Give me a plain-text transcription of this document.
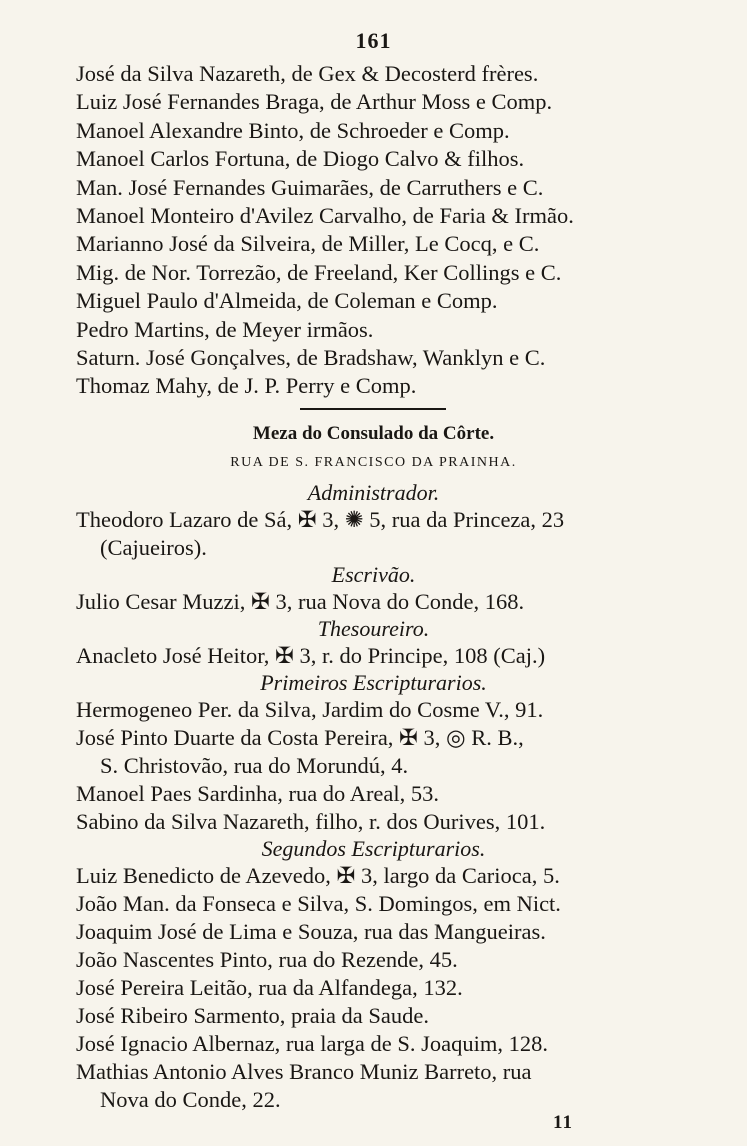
161
José da Silva Nazareth, de Gex & Decosterd frères.
Luiz José Fernandes Braga, de Arthur Moss e Comp.
Manoel Alexandre Binto, de Schroeder e Comp.
Manoel Carlos Fortuna, de Diogo Calvo & filhos.
Man. José Fernandes Guimarães, de Carruthers e C.
Manoel Monteiro d'Avilez Carvalho, de Faria & Irmão.
Marianno José da Silveira, de Miller, Le Cocq, e C.
Mig. de Nor. Torrezão, de Freeland, Ker Collings e C.
Miguel Paulo d'Almeida, de Coleman e Comp.
Pedro Martins, de Meyer irmãos.
Saturn. José Gonçalves, de Bradshaw, Wanklyn e C.
Thomaz Mahy, de J. P. Perry e Comp.
Meza do Consulado da Côrte.
RUA DE S. FRANCISCO DA PRAINHA.
Administrador.
Theodoro Lazaro de Sá, ✠ 3, ✺ 5, rua da Princeza, 23
(Cajueiros).
Escrivão.
Julio Cesar Muzzi, ✠ 3, rua Nova do Conde, 168.
Thesoureiro.
Anacleto José Heitor, ✠ 3, r. do Principe, 108 (Caj.)
Primeiros Escripturarios.
Hermogeneo Per. da Silva, Jardim do Cosme V., 91.
José Pinto Duarte da Costa Pereira, ✠ 3, ◎ R. B.,
S. Christovão, rua do Morundú, 4.
Manoel Paes Sardinha, rua do Areal, 53.
Sabino da Silva Nazareth, filho, r. dos Ourives, 101.
Segundos Escripturarios.
Luiz Benedicto de Azevedo, ✠ 3, largo da Carioca, 5.
João Man. da Fonseca e Silva, S. Domingos, em Nict.
Joaquim José de Lima e Souza, rua das Mangueiras.
João Nascentes Pinto, rua do Rezende, 45.
José Pereira Leitão, rua da Alfandega, 132.
José Ribeiro Sarmento, praia da Saude.
José Ignacio Albernaz, rua larga de S. Joaquim, 128.
Mathias Antonio Alves Branco Muniz Barreto, rua
Nova do Conde, 22.
11
